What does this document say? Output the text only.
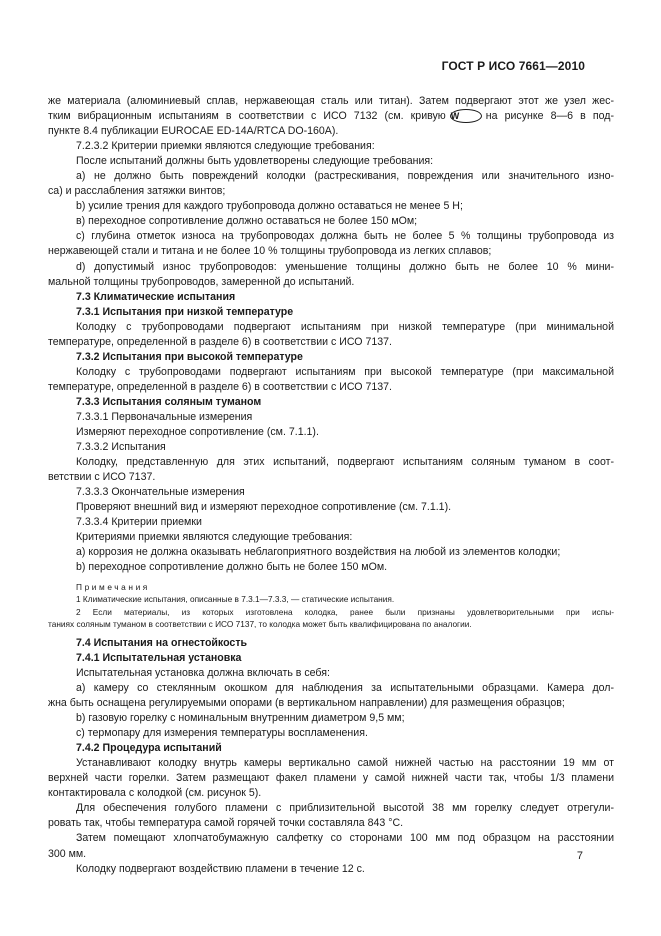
ГОСТ Р ИСО 7661—2010

же материала (алюминиевый сплав, нержавеющая сталь или титан). Затем подвергают этот же узел жес-

тким вибрационным испытаниям в соответствии с ИСО 7132 (см. кривую W	на рисунке 8—6 в под-

пункте 8.4 публикации EUROCAE ED-14A/RTCA DO-160A).

7.2.3.2 Критерии приемки являются следующие требования:

После испытаний должны быть удовлетворены следующие требования:

а) не должно быть повреждений колодки (растрескивания, повреждения или значительного изно-

са) и расслабления затяжки винтов;

b) усилие трения для каждого трубопровода должно оставаться не менее 5 Н;

в) переходное сопротивление должно оставаться не более 150 мОм;

с) глубина отметок износа на трубопроводах должна быть не более 5 % толщины трубопровода из

нержавеющей стали и титана и не более 10 % толщины трубопровода из легких сплавов;

d) допустимый износ трубопроводов: уменьшение толщины должно быть не более 10 % мини-

мальной толщины трубопроводов, замеренной до испытаний.

7.3 Климатические испытания

7.3.1 Испытания при низкой температуре

Колодку с трубопроводами подвергают испытаниям при низкой температуре (при минимальной

температуре, определенной в разделе 6) в соответствии с ИСО 7137.

7.3.2 Испытания при высокой температуре

Колодку с трубопроводами подвергают испытаниям при высокой температуре (при максимальной

температуре, определенной в разделе 6) в соответствии с ИСО 7137.

7.3.3 Испытания соляным туманом

7.3.3.1 Первоначальные измерения

Измеряют переходное сопротивление (см. 7.1.1).

7.3.3.2 Испытания

Колодку, представленную для этих испытаний, подвергают испытаниям соляным туманом в соот-

ветствии с ИСО 7137.

7.3.3.3 Окончательные измерения

Проверяют внешний вид и измеряют переходное сопротивление (см. 7.1.1).

7.3.3.4 Критерии приемки

Критериями приемки являются следующие требования:

а) коррозия не должна оказывать неблагоприятного воздействия на любой из элементов колодки;

b) переходное сопротивление должно быть не более 150 мОм.

Примечания

1 Климатические испытания, описанные в 7.3.1—7.3.3, — статические испытания.

2 Если материалы, из которых изготовлена колодка, ранее были признаны удовлетворительными при испы-

таниях соляным туманом в соответствии с ИСО 7137, то колодка может быть квалифицирована по аналогии.

7.4 Испытания на огнестойкость

7.4.1 Испытательная установка

Испытательная установка должна включать в себя:

а) камеру со стеклянным окошком для наблюдения за испытательными образцами. Камера дол-

жна быть оснащена регулируемыми опорами (в вертикальном направлении) для размещения образцов;

b) газовую горелку с номинальным внутренним диаметром 9,5 мм;

с) термопару для измерения температуры воспламенения.

7.4.2 Процедура испытаний

Устанавливают колодку внутрь камеры вертикально самой нижней частью на расстоянии 19 мм от

верхней части горелки. Затем размещают факел пламени у самой нижней части так, чтобы 1/3 пламени

контактировала с колодкой (см. рисунок 5).

Для обеспечения голубого пламени с приблизительной высотой 38 мм горелку следует отрегули-

ровать так, чтобы температура самой горячей точки составляла 843 °С.

Затем помещают хлопчатобумажную салфетку со сторонами 100 мм под образцом на расстоянии

300 мм.

Колодку подвергают воздействию пламени в течение 12 с.

7
